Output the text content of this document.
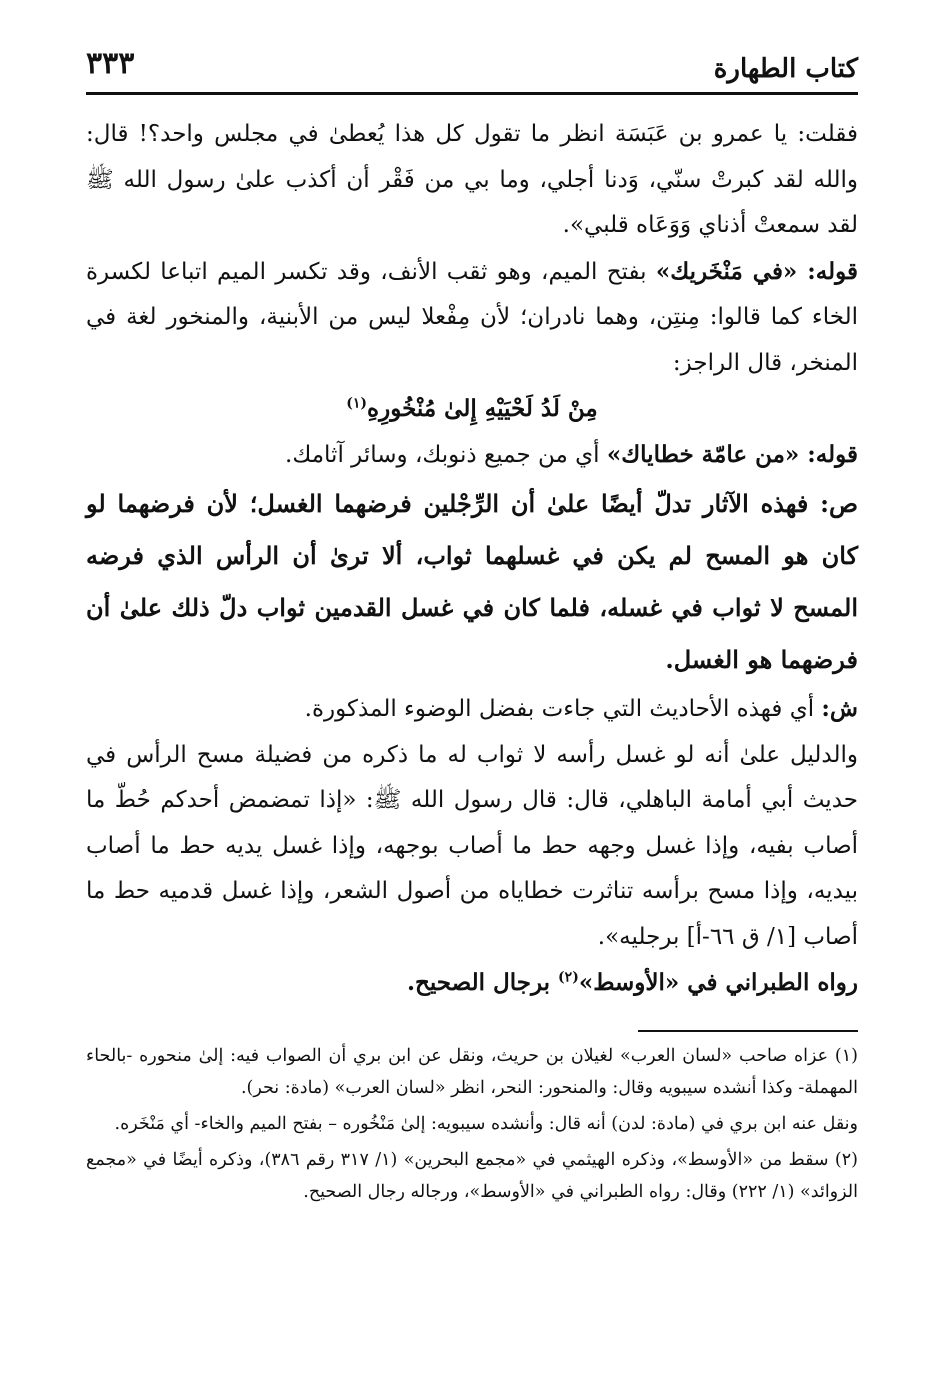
كتاب الطهارة
٣٣٣

فقلت: يا عمرو بن عَبَسَة انظر ما تقول كل هذا يُعطىٰ في مجلس واحد؟! قال: والله لقد كبرتْ سنّي، وَدنا أجلي، وما بي من فَقْر أن أكذب علىٰ رسول الله ﷺ لقد سمعتْ أذناي وَوَعَاه قلبي».

قوله: «في مَنْخَريك» بفتح الميم، وهو ثقب الأنف، وقد تكسر الميم اتباعا لكسرة الخاء كما قالوا: مِنتِن، وهما نادران؛ لأن مِفْعلا ليس من الأبنية، والمنخور لغة في المنخر، قال الراجز:

مِنْ لَدُ لَحْيَيْهِ إِلىٰ مُنْخُورِهِ$^{(١)}$

قوله: «من عامّة خطاياك» أي من جميع ذنوبك، وسائر آثامك.

ص: فهذه الآثار تدلّ أيضًا علىٰ أن الرِّجْلين فرضهما الغسل؛ لأن فرضهما لو كان هو المسح لم يكن في غسلهما ثواب، ألا ترىٰ أن الرأس الذي فرضه المسح لا ثواب في غسله، فلما كان في غسل القدمين ثواب دلّ ذلك علىٰ أن فرضهما هو الغسل.

ش: أي فهذه الأحاديث التي جاءت بفضل الوضوء المذكورة.

والدليل علىٰ أنه لو غسل رأسه لا ثواب له ما ذكره من فضيلة مسح الرأس في حديث أبي أمامة الباهلي، قال: قال رسول الله ﷺ: «إذا تمضمض أحدكم حُطّ ما أصاب بفيه، وإذا غسل وجهه حط ما أصاب بوجهه، وإذا غسل يديه حط ما أصاب بيديه، وإذا مسح برأسه تناثرت خطاياه من أصول الشعر، وإذا غسل قدميه حط ما أصاب [١/ ق ٦٦-أ] برجليه».

رواه الطبراني في «الأوسط»$^{(٢)}$ برجال الصحيح.

(١) عزاه صاحب «لسان العرب» لغيلان بن حريث، ونقل عن ابن بري أن الصواب فيه: إلىٰ منحوره -بالحاء المهملة- وكذا أنشده سيبويه وقال: والمنحور: النحر، انظر «لسان العرب» (مادة: نحر).

ونقل عنه ابن بري في (مادة: لدن) أنه قال: وأنشده سيبويه: إلىٰ مَنْخُوره – بفتح الميم والخاء- أي مَنْخَره.

(٢) سقط من «الأوسط»، وذكره الهيثمي في «مجمع البحرين» (١/ ٣١٧ رقم ٣٨٦)، وذكره أيضًا في «مجمع الزوائد» (١/ ٢٢٢) وقال: رواه الطبراني في «الأوسط»، ورجاله رجال الصحيح.
